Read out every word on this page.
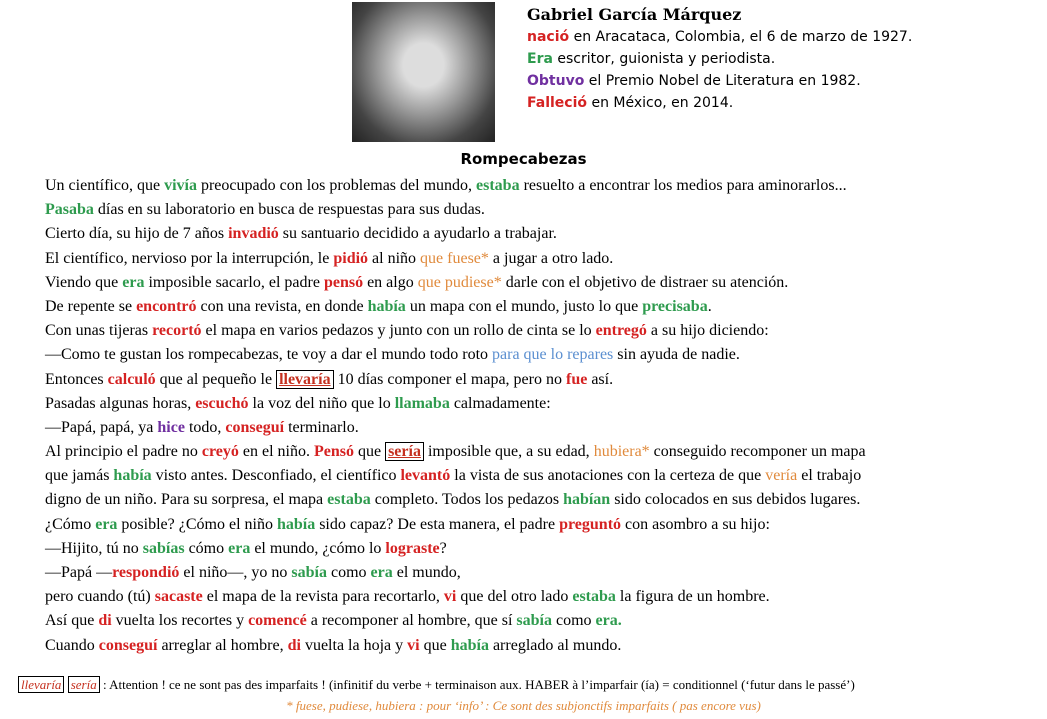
Gabriel García Márquez
nació en Aracataca, Colombia, el 6 de marzo de 1927.
Era escritor, guionista y periodista.
Obtuvo el Premio Nobel de Literatura en 1982.
Falleció en México, en 2014.
Rompecabezas
Un científico, que vivía preocupado con los problemas del mundo, estaba resuelto a encontrar los medios para aminorarlos...
Pasaba días en su laboratorio en busca de respuestas para sus dudas.
Cierto día, su hijo de 7 años invadió su santuario decidido a ayudarlo a trabajar.
El científico, nervioso por la interrupción, le pidió al niño que fuese* a jugar a otro lado.
Viendo que era imposible sacarlo, el padre pensó en algo que pudiese* darle con el objetivo de distraer su atención.
De repente se encontró con una revista, en donde había un mapa con el mundo, justo lo que precisaba.
Con unas tijeras recortó el mapa en varios pedazos y junto con un rollo de cinta se lo entregó a su hijo diciendo:
—Como te gustan los rompecabezas, te voy a dar el mundo todo roto para que lo repares sin ayuda de nadie.
Entonces calculó que al pequeño le llevaría 10 días componer el mapa, pero no fue así.
Pasadas algunas horas, escuchó la voz del niño que lo llamaba calmadamente:
—Papá, papá, ya hice todo, conseguí terminarlo.
Al principio el padre no creyó en el niño. Pensó que sería imposible que, a su edad, hubiera* conseguido recomponer un mapa
que jamás había visto antes. Desconfiado, el científico levantó la vista de sus anotaciones con la certeza de que vería el trabajo
digno de un niño. Para su sorpresa, el mapa estaba completo. Todos los pedazos habían sido colocados en sus debidos lugares.
¿Cómo era posible? ¿Cómo el niño había sido capaz? De esta manera, el padre preguntó con asombro a su hijo:
—Hijito, tú no sabías cómo era el mundo, ¿cómo lo lograste?
—Papá —respondió el niño—, yo no sabía como era el mundo,
pero cuando (tú) sacaste el mapa de la revista para recortarlo, vi que del otro lado estaba la figura de un hombre.
Así que di vuelta los recortes y comencé a recomponer al hombre, que sí sabía como era.
Cuando conseguí arreglar al hombre, di vuelta la hoja y vi que había arreglado al mundo.
llevaría sería : Attention ! ce ne sont pas des imparfaits ! (infinitif du verbe + terminaison aux. HABER à l’imparfair (ía) = conditionnel (‘futur dans le passé’)
* fuese, pudiese, hubiera : pour ‘info’ : Ce sont des subjonctifs imparfaits ( pas encore vus)
